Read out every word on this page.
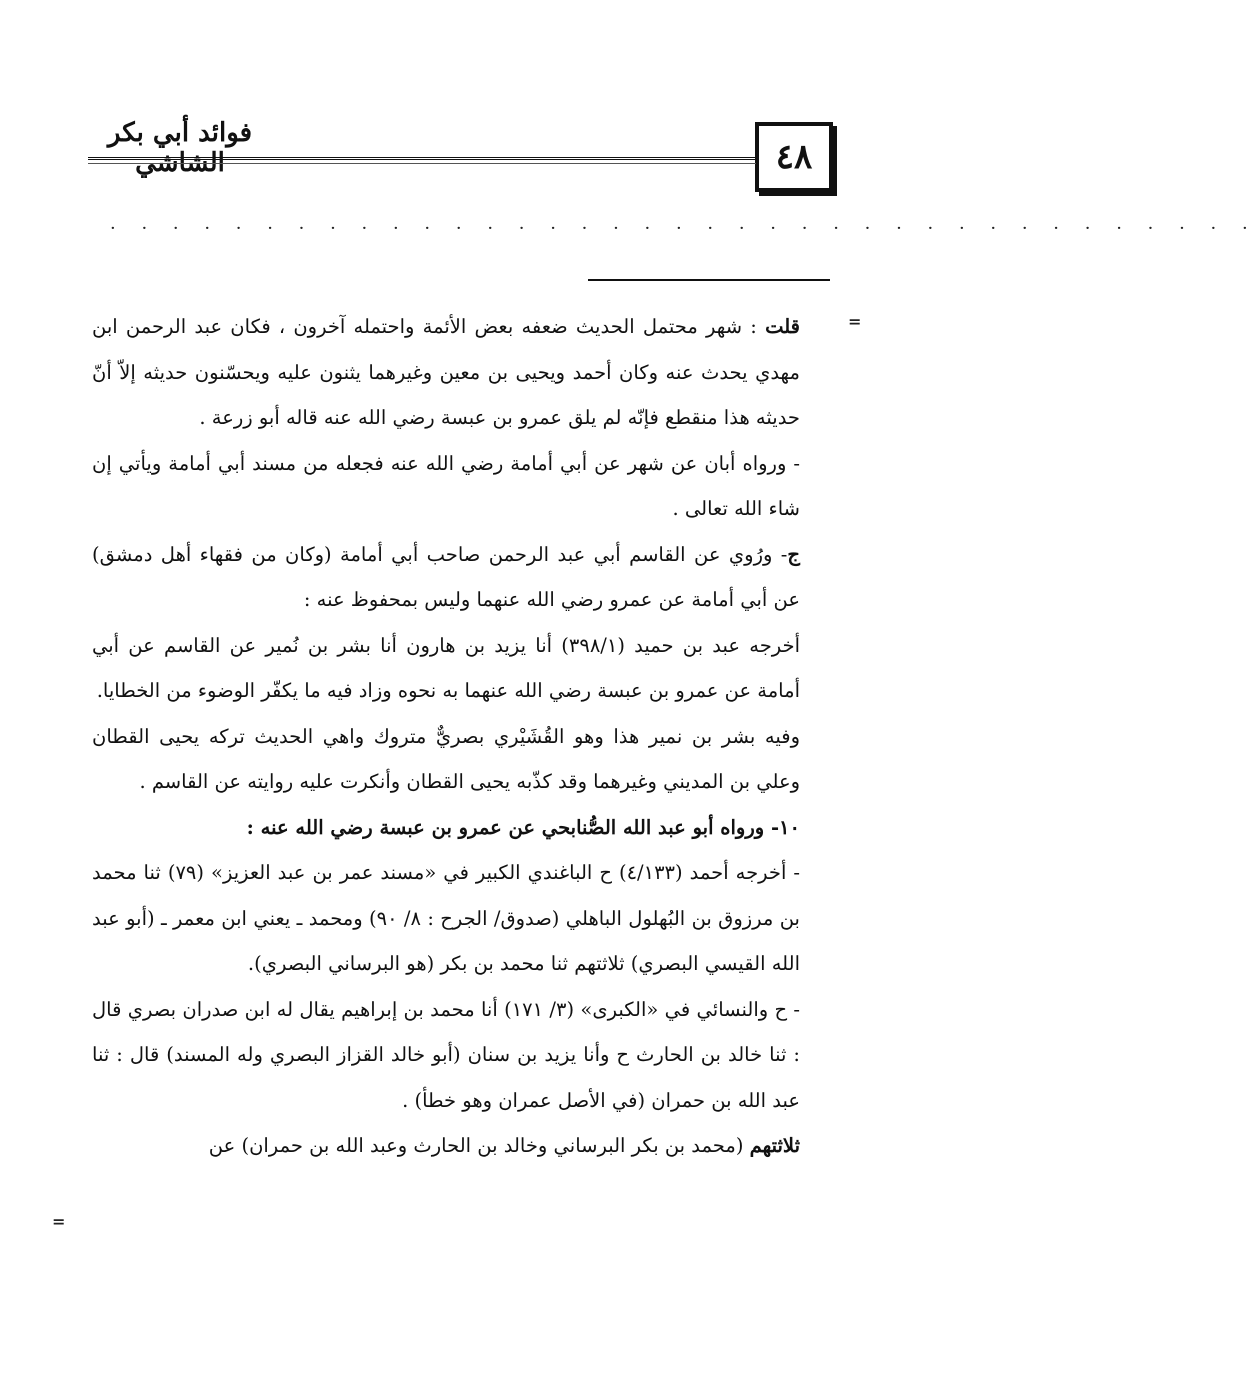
٤٨
فوائد أبي بكر الشاشي
· · · · · · · · · · · · · · · · · · · · · · · · · · · · · · · · · · · · ·
=
=

قلت : شهر محتمل الحديث ضعفه بعض الأئمة واحتمله آخرون ، فكان عبد الرحمن ابن مهدي يحدث عنه وكان أحمد ويحيى بن معين وغيرهما يثنون عليه ويحسّنون حديثه إلاّ أنّ حديثه هذا منقطع فإنّه لم يلق عمرو بن عبسة رضي الله عنه قاله أبو زرعة .

- ورواه أبان عن شهر عن أبي أمامة رضي الله عنه فجعله من مسند أبي أمامة ويأتي إن شاء الله تعالى .

ج- ورُوي عن القاسم أبي عبد الرحمن صاحب أبي أمامة (وكان من فقهاء أهل دمشق) عن أبي أمامة عن عمرو رضي الله عنهما وليس بمحفوظ عنه :

أخرجه عبد بن حميد (٣٩٨/١) أنا يزيد بن هارون أنا بشر بن نُمير عن القاسم عن أبي أمامة عن عمرو بن عبسة رضي الله عنهما به نحوه وزاد فيه ما يكفّر الوضوء من الخطايا.

وفيه بشر بن نمير هذا وهو القُشَيْري بصريٌّ متروك واهي الحديث تركه يحيى القطان وعلي بن المديني وغيرهما وقد كذّبه يحيى القطان وأنكرت عليه روايته عن القاسم .

١٠- ورواه أبو عبد الله الصُّنابحي عن عمرو بن عبسة رضي الله عنه :

- أخرجه أحمد (٤/١٣٣) ح الباغندي الكبير في «مسند عمر بن عبد العزيز» (٧٩) ثنا محمد بن مرزوق بن البُهلول الباهلي (صدوق/ الجرح : ٨/ ٩٠) ومحمد ـ يعني ابن معمر ـ (أبو عبد الله القيسي البصري) ثلاثتهم ثنا محمد بن بكر (هو البرساني البصري).

- ح والنسائي في «الكبرى» (٣/ ١٧١) أنا محمد بن إبراهيم يقال له ابن صدران بصري قال : ثنا خالد بن الحارث ح وأنا يزيد بن سنان (أبو خالد القزاز البصري وله المسند) قال : ثنا عبد الله بن حمران (في الأصل عمران وهو خطأ) .

ثلاثتهم (محمد بن بكر البرساني وخالد بن الحارث وعبد الله بن حمران) عن
